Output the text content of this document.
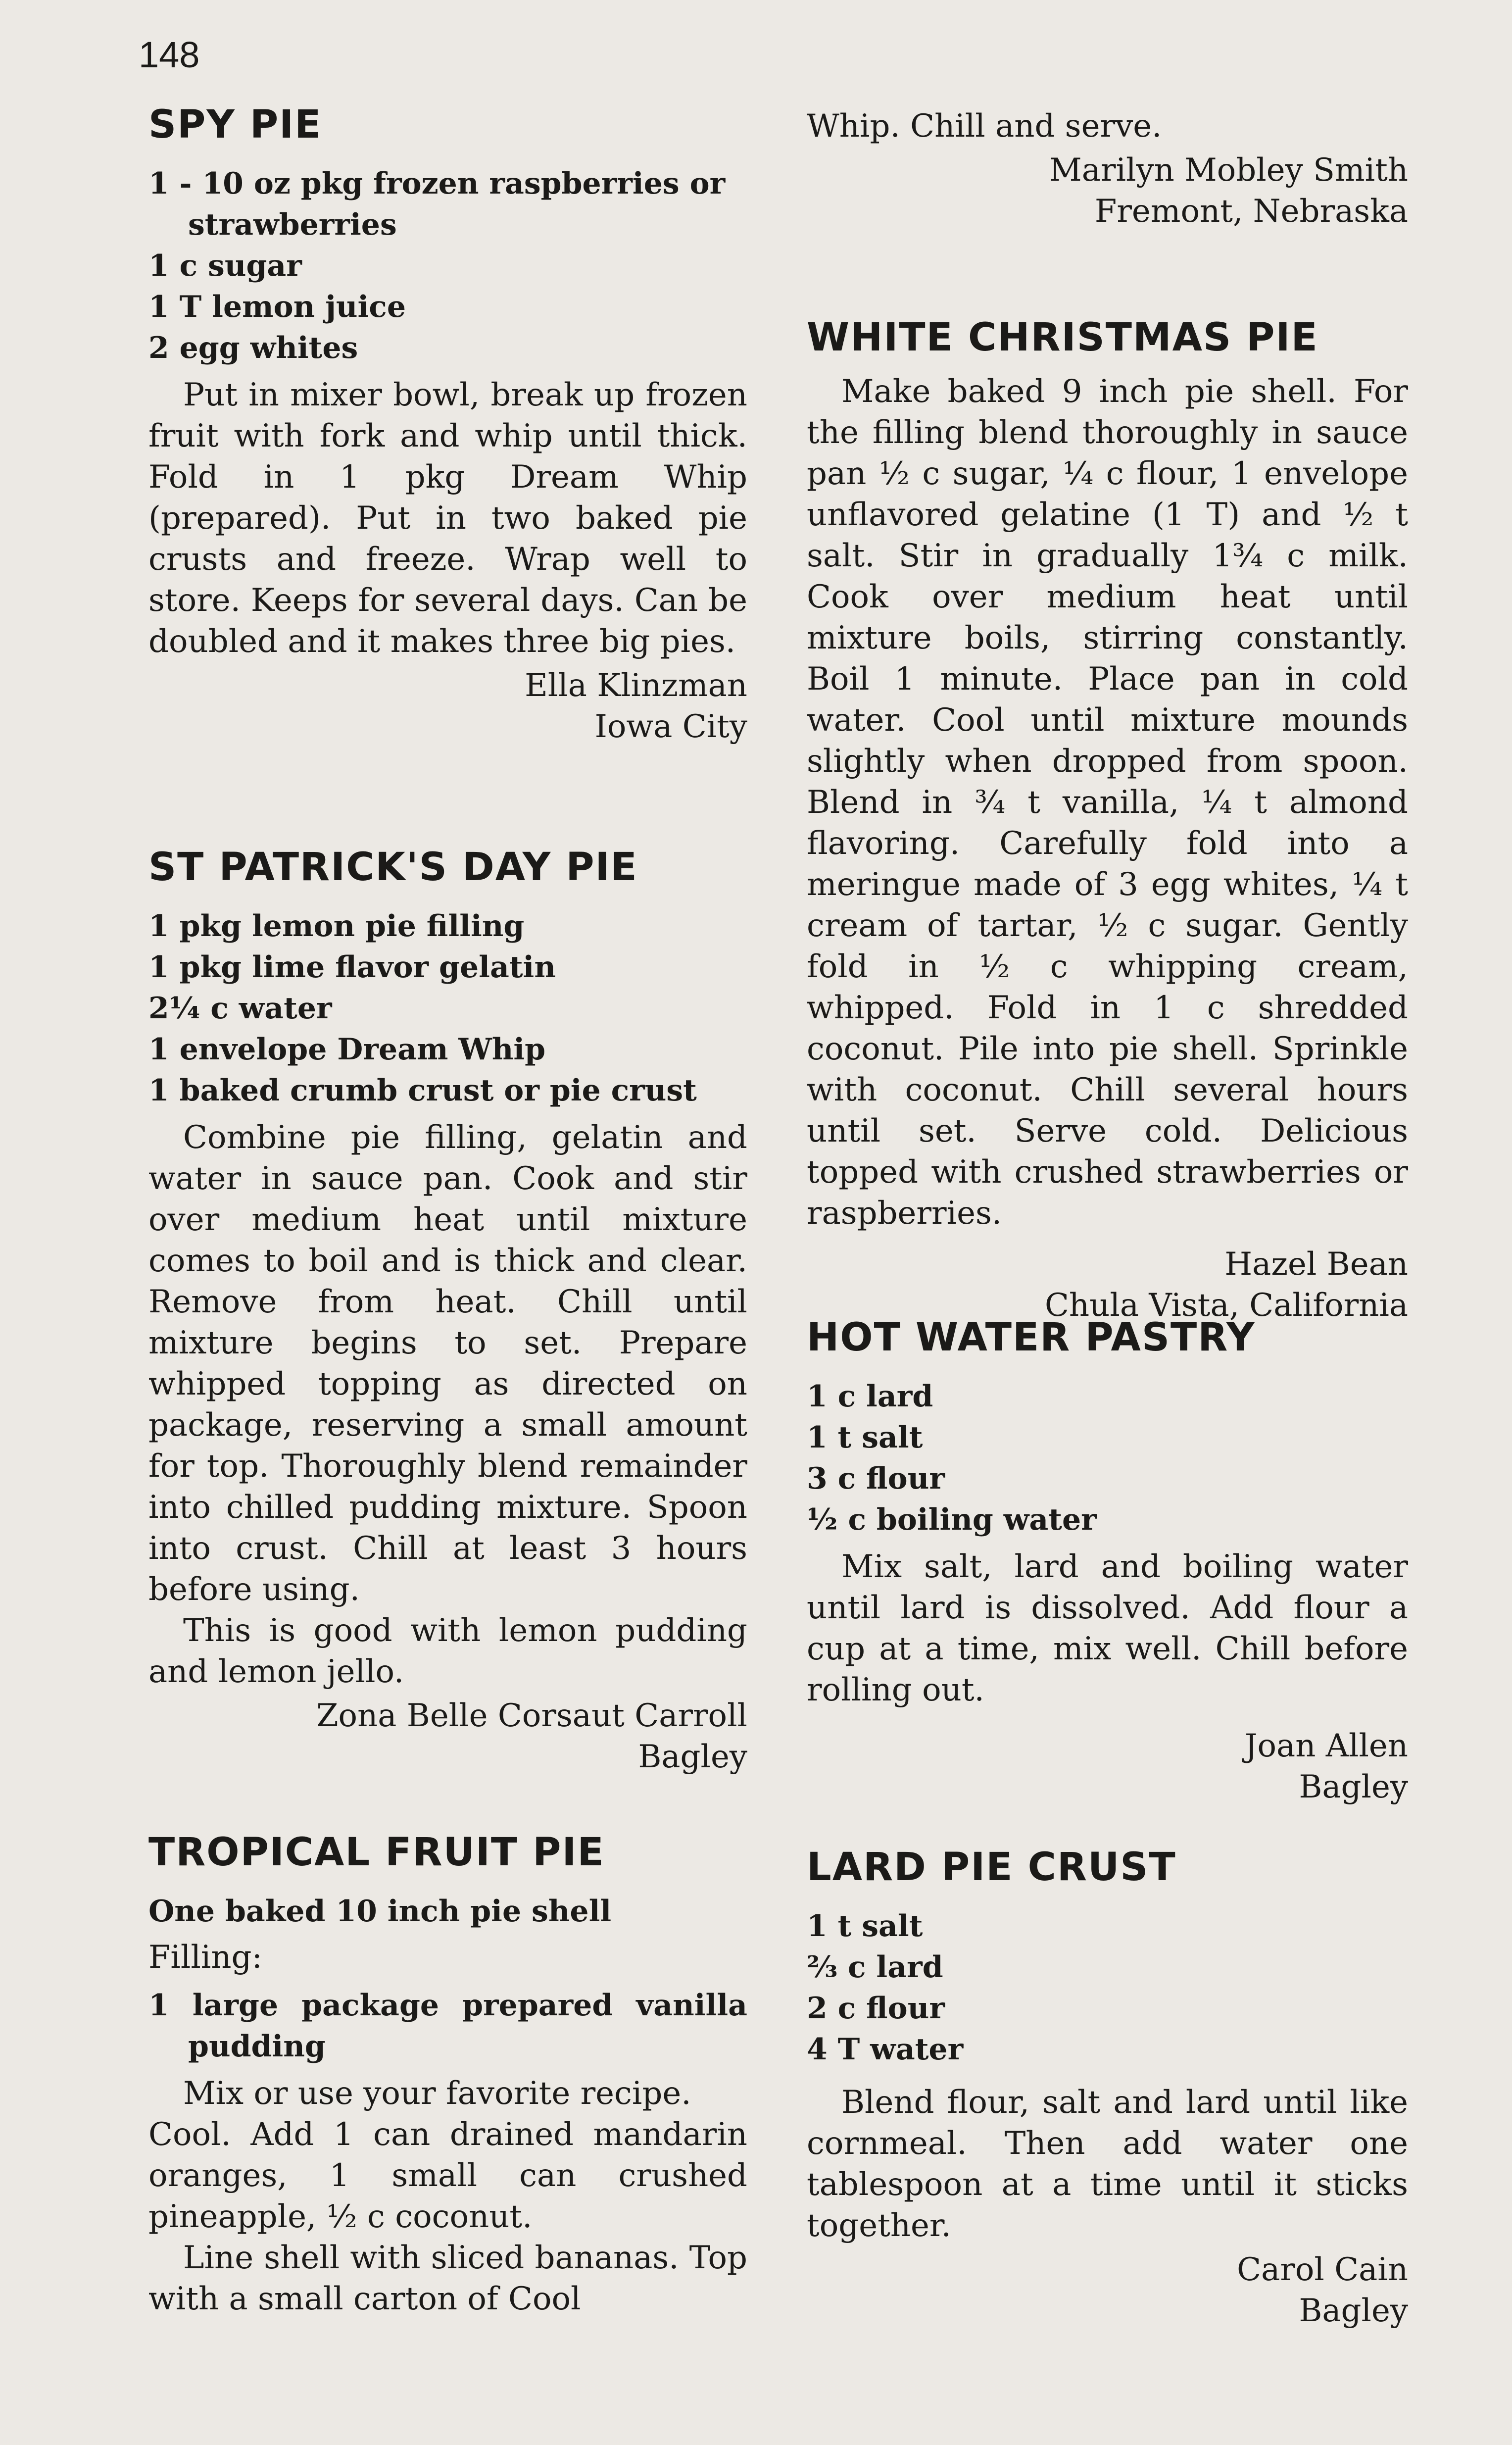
148
SPY PIE
1 - 10 oz pkg frozen raspberries or strawberries
1 c sugar
1 T lemon juice
2 egg whites

Put in mixer bowl, break up frozen fruit with fork and whip until thick. Fold in 1 pkg Dream Whip (prepared). Put in two baked pie crusts and freeze. Wrap well to store. Keeps for several days. Can be doubled and it makes three big pies.

Ella Klinzman
Iowa City
ST PATRICK'S DAY PIE
1 pkg lemon pie filling
1 pkg lime flavor gelatin
2¼ c water
1 envelope Dream Whip
1 baked crumb crust or pie crust

Combine pie filling, gelatin and water in sauce pan. Cook and stir over medium heat until mixture comes to boil and is thick and clear. Remove from heat. Chill until mixture begins to set. Prepare whipped topping as directed on package, reserving a small amount for top. Thoroughly blend remainder into chilled pudding mixture. Spoon into crust. Chill at least 3 hours before using.

This is good with lemon pudding and lemon jello.

Zona Belle Corsaut Carroll
Bagley
TROPICAL FRUIT PIE
One baked 10 inch pie shell
Filling:
1 large package prepared vanilla pudding

Mix or use your favorite recipe.

Cool. Add 1 can drained mandarin oranges, 1 small can crushed pineapple, ½ c coconut.

Line shell with sliced bananas. Top with a small carton of Cool

Whip. Chill and serve.

Marilyn Mobley Smith
Fremont, Nebraska
WHITE CHRISTMAS PIE

Make baked 9 inch pie shell. For the filling blend thoroughly in sauce pan ½ c sugar, ¼ c flour, 1 envelope unflavored gelatine (1 T) and ½ t salt. Stir in gradually 1¾ c milk. Cook over medium heat until mixture boils, stirring constantly. Boil 1 minute. Place pan in cold water. Cool until mixture mounds slightly when dropped from spoon. Blend in ¾ t vanilla, ¼ t almond flavoring. Carefully fold into a meringue made of 3 egg whites, ¼ t cream of tartar, ½ c sugar. Gently fold in ½ c whipping cream, whipped. Fold in 1 c shredded coconut. Pile into pie shell. Sprinkle with coconut. Chill several hours until set. Serve cold. Delicious topped with crushed strawberries or raspberries.

Hazel Bean
Chula Vista, California
HOT WATER PASTRY
1 c lard
1 t salt
3 c flour
½ c boiling water

Mix salt, lard and boiling water until lard is dissolved. Add flour a cup at a time, mix well. Chill before rolling out.

Joan Allen
Bagley
LARD PIE CRUST
1 t salt
⅔ c lard
2 c flour
4 T water

Blend flour, salt and lard until like cornmeal. Then add water one tablespoon at a time until it sticks together.

Carol Cain
Bagley
